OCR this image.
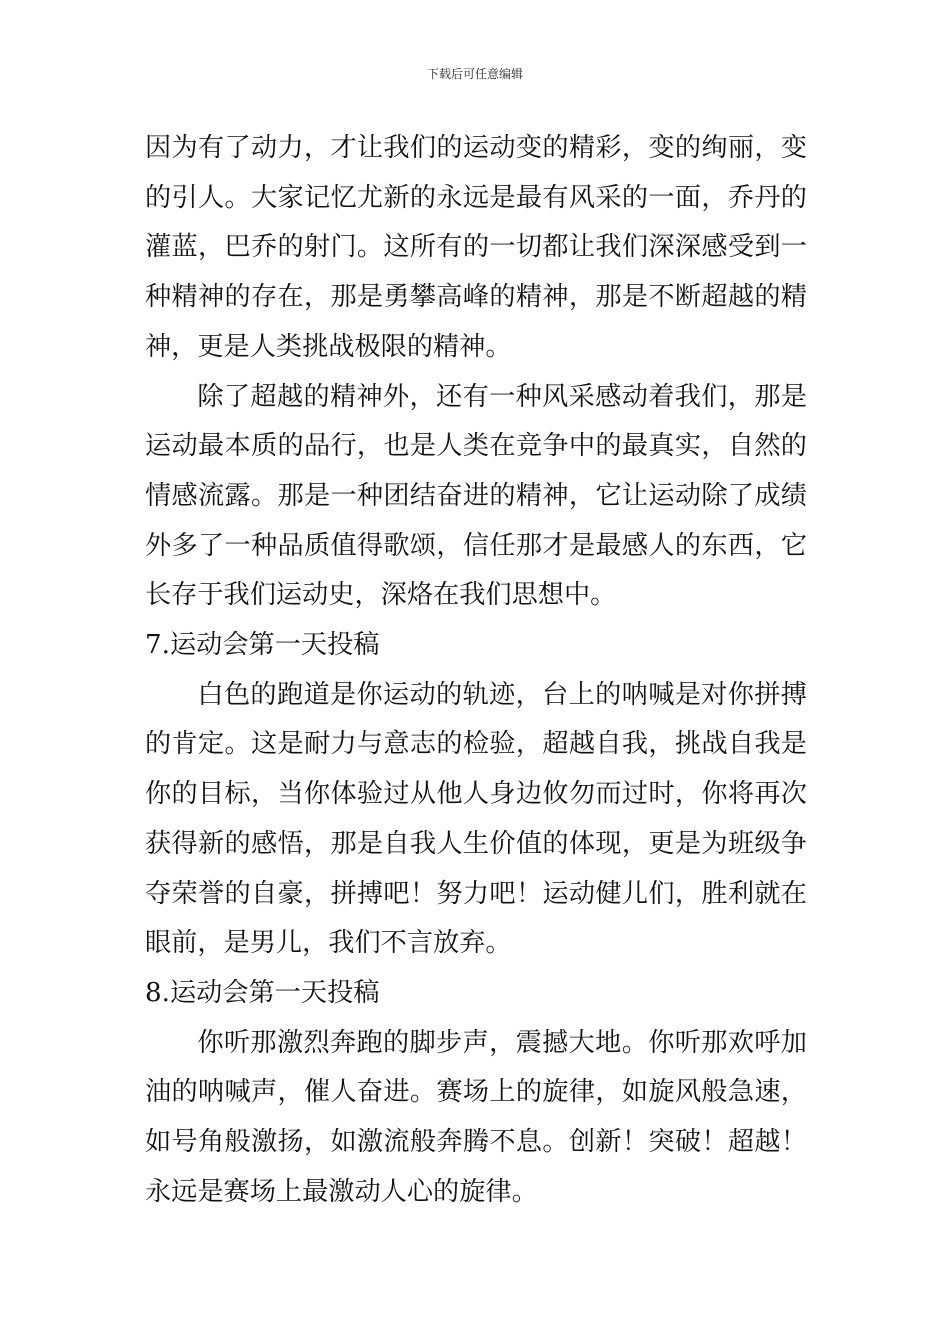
下载后可任意编辑

因为有了动力，才让我们的运动变的精彩，变的绚丽，变的引人。大家记忆尤新的永远是最有风采的一面，乔丹的灌蓝，巴乔的射门。这所有的一切都让我们深深感受到一种精神的存在，那是勇攀高峰的精神，那是不断超越的精神，更是人类挑战极限的精神。

除了超越的精神外，还有一种风采感动着我们，那是运动最本质的品行，也是人类在竞争中的最真实，自然的情感流露。那是一种团结奋进的精神，它让运动除了成绩外多了一种品质值得歌颂，信任那才是最感人的东西，它长存于我们运动史，深烙在我们思想中。

7.运动会第一天投稿

白色的跑道是你运动的轨迹，台上的呐喊是对你拼搏的肯定。这是耐力与意志的检验，超越自我，挑战自我是你的目标，当你体验过从他人身边攸勿而过时，你将再次获得新的感悟，那是自我人生价值的体现，更是为班级争夺荣誉的自豪，拼搏吧！努力吧！运动健儿们，胜利就在眼前，是男儿，我们不言放弃。

8.运动会第一天投稿

你听那激烈奔跑的脚步声，震撼大地。你听那欢呼加油的呐喊声，催人奋进。赛场上的旋律，如旋风般急速，如号角般激扬，如激流般奔腾不息。创新！突破！超越！永远是赛场上最激动人心的旋律。
